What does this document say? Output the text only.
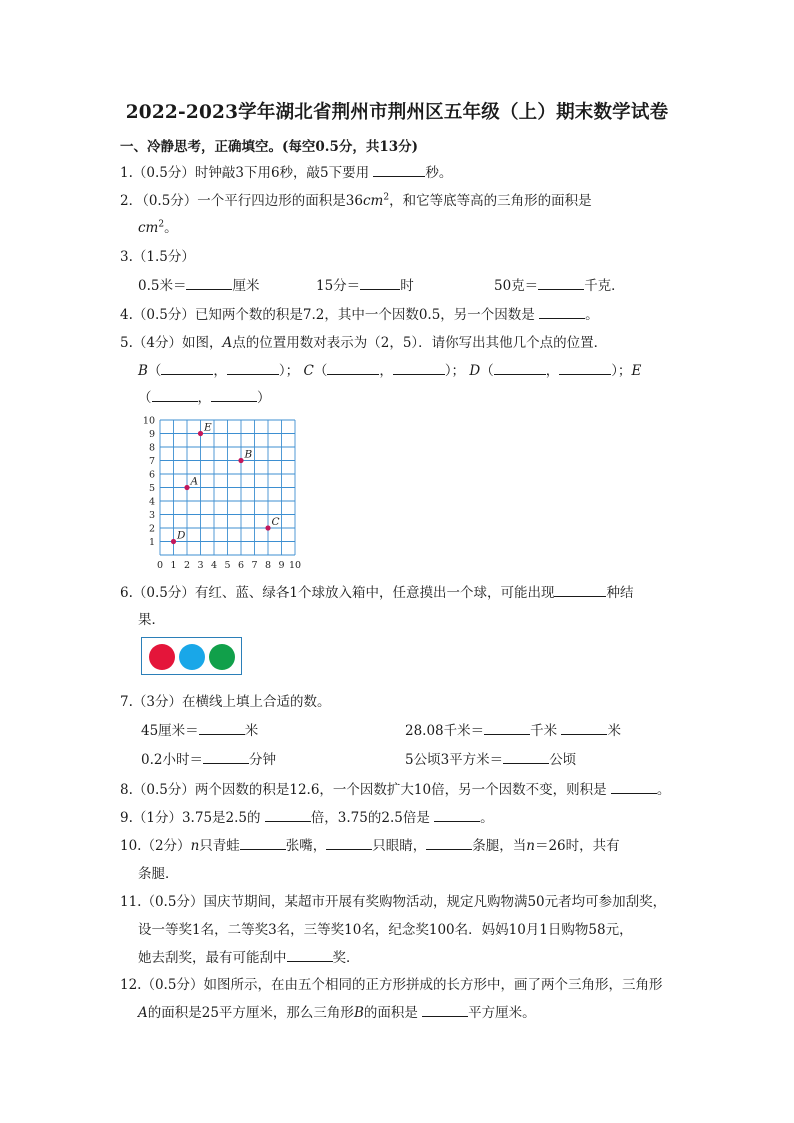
2022-2023学年湖北省荆州市荆州区五年级（上）期末数学试卷
一、冷静思考，正确填空。(每空0.5分，共13分)
1.（0.5分）时钟敲3下用6秒，敲5下要用	秒。
2．（0.5分）一个平行四边形的面积是$36cm^2$，和它等底等高的三角形的面积是
$cm^2$。
3.（1.5分）
0.5米＝	厘米	15分＝	时	50克＝	千克．
4.（0.5分）已知两个数的积是7.2，其中一个因数0.5，另一个因数是	。
5.（4分）如图，A点的位置用数对表示为（2，5）．请你写出其他几个点的位置．
B（	，	）； C（	，	）； D（	，	）；E
（	，	）
0 1 2 3 4 5 6 7 8 9 10
1
2
3
4
5
6
7
8
9
10
A
B
C
D
E
6.（0.5分）有红、蓝、绿各1个球放入箱中，任意摸出一个球，可能出现	种结
果．
7.（3分）在横线上填上合适的数。
45厘米＝	米	28.08千米＝	千米	米
0.2小时＝	分钟	5公顷3平方米＝	公顷
8.（0.5分）两个因数的积是12.6，一个因数扩大10倍，另一个因数不变，则积是	。
9.（1分）3.75是2.5的	倍，3.75的2.5倍是	。
10.（2分）n只青蛙	张嘴，	只眼睛，	条腿，当n＝26时，共有
条腿．
11.（0.5分）国庆节期间，某超市开展有奖购物活动，规定凡购物满50元者均可参加刮奖，
设一等奖1名，二等奖3名，三等奖10名，纪念奖100名．妈妈10月1日购物58元，
她去刮奖，最有可能刮中	奖．
12.（0.5分）如图所示，在由五个相同的正方形拼成的长方形中，画了两个三角形，三角形
A的面积是25平方厘米，那么三角形B的面积是	平方厘米。
